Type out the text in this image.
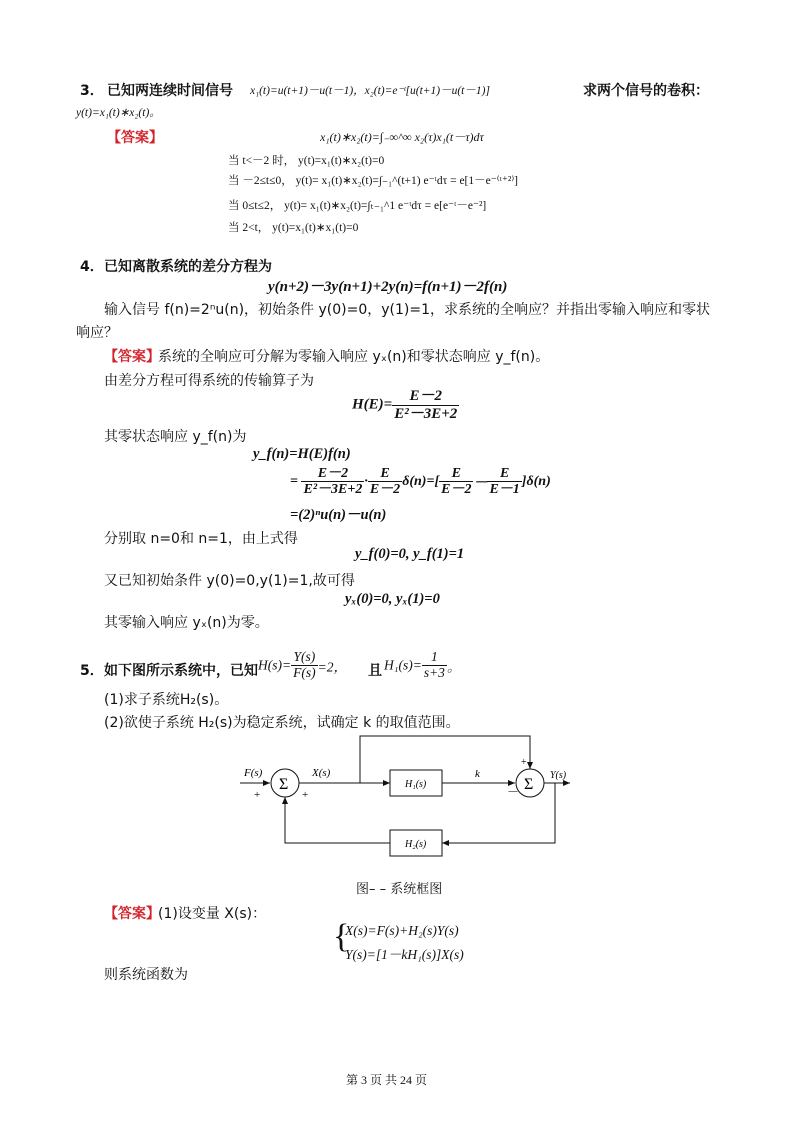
3． 已知两连续时间信号 x₁(t)=u(t+1)－u(t－1)，x₂(t)=e⁻ᵗ[u(t+1)－u(t－1)]	求两个信号的卷积：
y(t)=x₁(t)∗x₂(t)。
【答案】	x₁(t)∗x₂(t)=∫₋∞^∞ x₂(τ)x₁(t－τ)dτ
当 t<－2 时， y(t)=x₁(t)∗x₂(t)=0
当 －2≤t≤0， y(t)= x₁(t)∗x₂(t)=∫₋₁^(t+1) e⁻ᵗdτ = e[1－e⁻⁽ᵗ⁺²⁾]
当 0≤t≤2， y(t)= x₁(t)∗x₂(t)=∫ₜ₋₁^1 e⁻ᵗdτ = e[e⁻ᵗ－e⁻²]
当 2<t， y(t)=x₁(t)∗x₁(t)=0
4． 已知离散系统的差分方程为
y(n+2)－3y(n+1)+2y(n)=f(n+1)－2f(n)
输入信号 f(n)=2ⁿu(n)，初始条件 y(0)=0，y(1)=1，求系统的全响应？并指出零输入响应和零状
响应？
【答案】
系统的全响应可分解为零输入响应 yₓ(n)和零状态响应 y_f(n)。
由差分方程可得系统的传输算子为
$H(E)= \frac{E-2}{\text{E²－3E+2}}$
其零状态响应 y_f(n)为
y_f(n)=H(E)f(n)
= $\frac{E-2}{\text{E²－3E+2}} \cdot \frac{E}{E-2} \delta(n)=[ \frac{E}{E-2} - \frac{E}{E-1} ]\delta(n)$
=(2)ⁿu(n)－u(n)
分别取 n=0和 n=1，由上式得
y_f(0)=0, y_f(1)=1
又已知初始条件 y(0)=0,y(1)=1,故可得
yₓ(0)=0, yₓ(1)=0
其零输入响应 yₓ(n)为零。
5． 如下图所示系统中，已知 $H(s)= \frac{Y(s)}{F(s)} =2$， 且 $H_1(s)= \frac{1}{s+3}$ 。
(1)求子系统H₂(s)。
(2)欲使子系统 H₂(s)为稳定系统，试确定 k 的取值范围。
F(s)
+
Σ
+
X(s)
H₁(s)
k
－
+
Σ
Y(s)
H₂(s)
图– – 系统框图
【答案】
(1)设变量 X(s)：
{
X(s)=F(s)+H₂(s)Y(s)
Y(s)=[1－kH₁(s)]X(s)
则系统函数为
第 3 页 共 24 页
